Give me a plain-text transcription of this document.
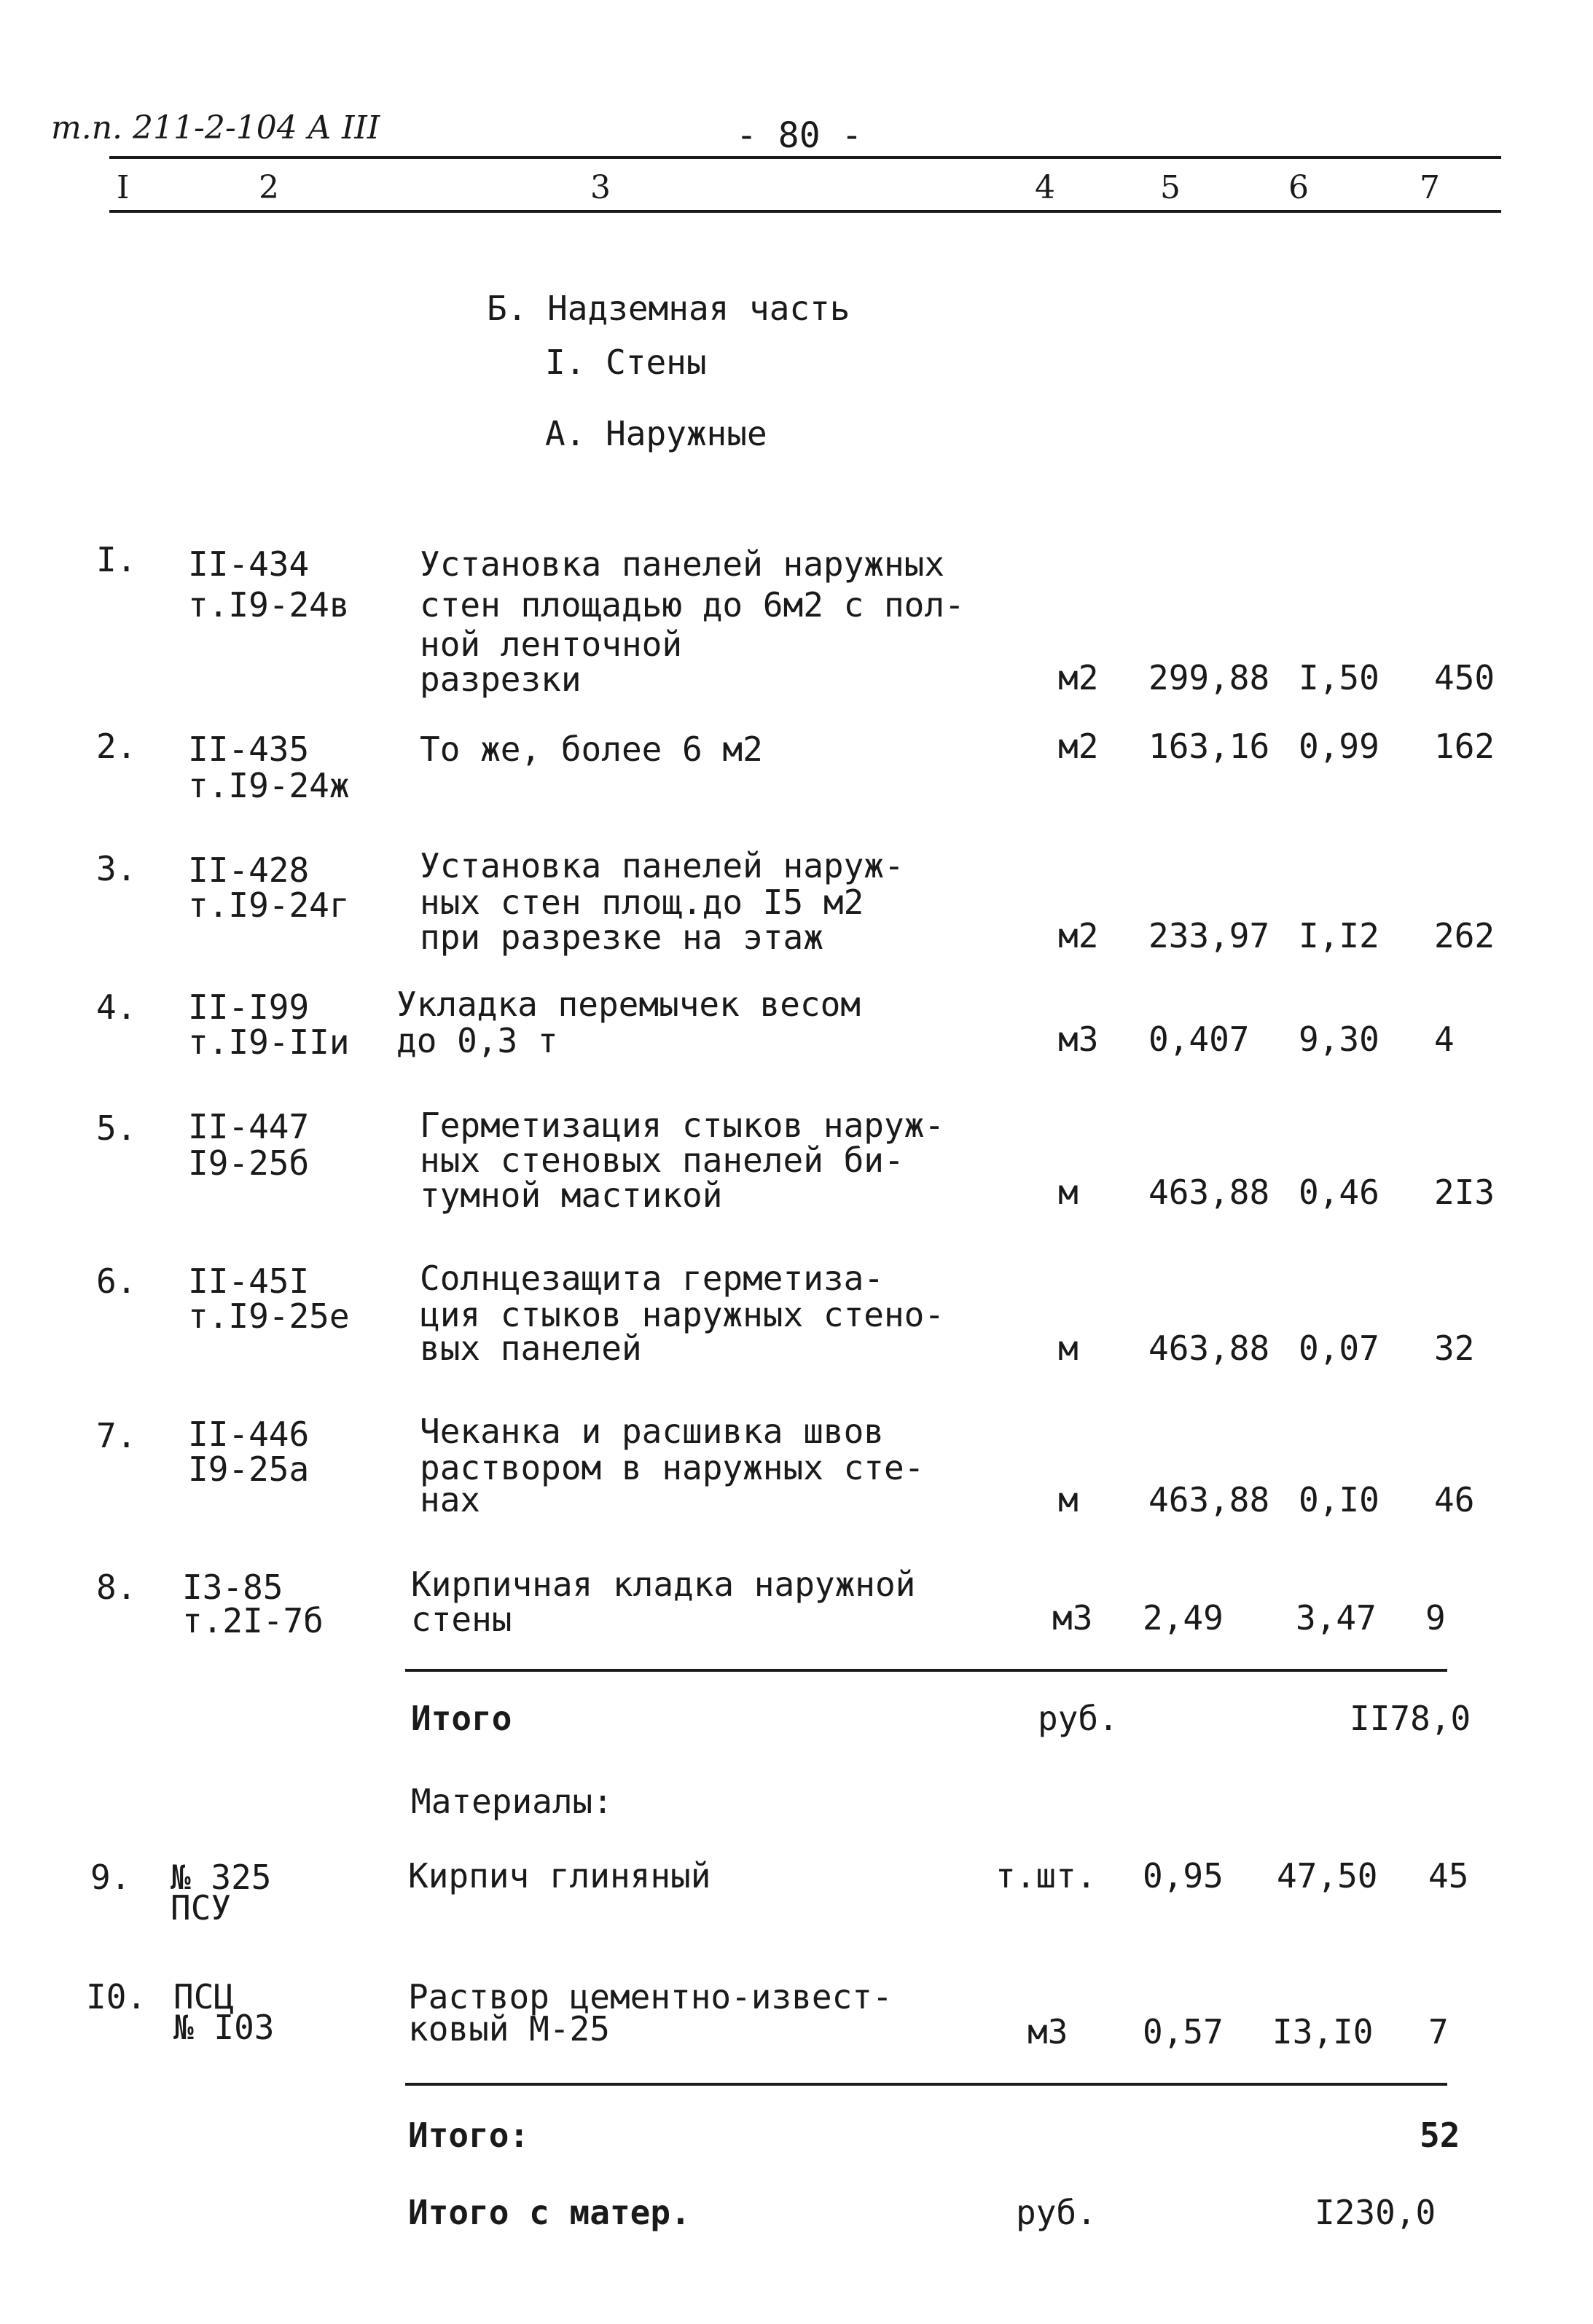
т.п. 211-2-104 А III	- 80 -
I	2	3	4	5	6	7
Б. Надземная часть
I. Стены
А. Наружные
I. II-434
т.I9-24в
Установка панелей наружных
стен площадью до 6м2 с пол-
ной ленточной
разрезки	м2 299,88 I,50 450
2. II-435
т.I9-24ж
То же, более 6 м2	м2 163,16 0,99 162
3. II-428
т.I9-24г
Установка панелей наруж-
ных стен площ.до I5 м2
при разрезке на этаж	м2 233,97 I,I2 262
4. II-I99
т.I9-IIи
Укладка перемычек весом
до 0,3 т	м3 0,407 9,30 4
5. II-447
I9-25б
Герметизация стыков наруж-
ных стеновых панелей би-
тумной мастикой	м 463,88 0,46 2I3
6. II-45I
т.I9-25е
Солнцезащита герметиза-
ция стыков наружных стено-
вых панелей	м 463,88 0,07 32
7. II-446
I9-25а
Чеканка и расшивка швов
раствором в наружных сте-
нах	м 463,88 0,I0 46
8. I3-85
т.2I-7б
Кирпичная кладка наружной
стены	м3 2,49 3,47 9
Итого	руб.	II78,0
Материалы:
9. № 325
ПСУ
Кирпич глиняный	т.шт. 0,95 47,50 45
I0. ПСЦ
№ I03
Раствор цементно-извест-
ковый М-25	м3 0,57 I3,I0 7
Итого:	52
Итого с матер.	руб.	I230,0
